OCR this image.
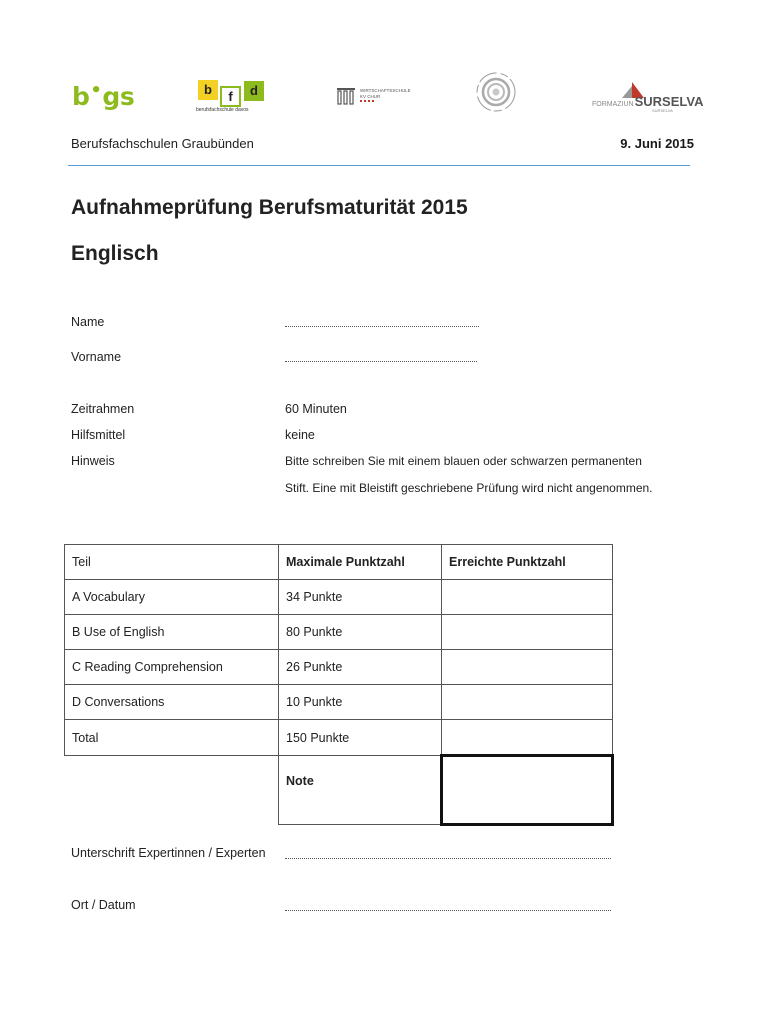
b•gs	b	f	d
berufsfachschule davos
WIRTSCHAFTSSCHULE
KV CHUR
FORMAZIUNSURSELVA
SURSELVA
Berufsfachschulen Graubünden	9. Juni 2015
Aufnahmeprüfung Berufsmaturität 2015
Englisch
Name
Vorname
Zeitrahmen	60 Minuten
Hilfsmittel	keine
Hinweis	Bitte schreiben Sie mit einem blauen oder schwarzen permanenten
Stift. Eine mit Bleistift geschriebene Prüfung wird nicht angenommen.
Teil	Maximale Punktzahl	Erreichte Punktzahl
A Vocabulary	34 Punkte	
B Use of English	80 Punkte	
C Reading Comprehension	26 Punkte	
D Conversations	10 Punkte	
Total	150 Punkte	
	Note	
Unterschrift Expertinnen / Experten
Ort / Datum
